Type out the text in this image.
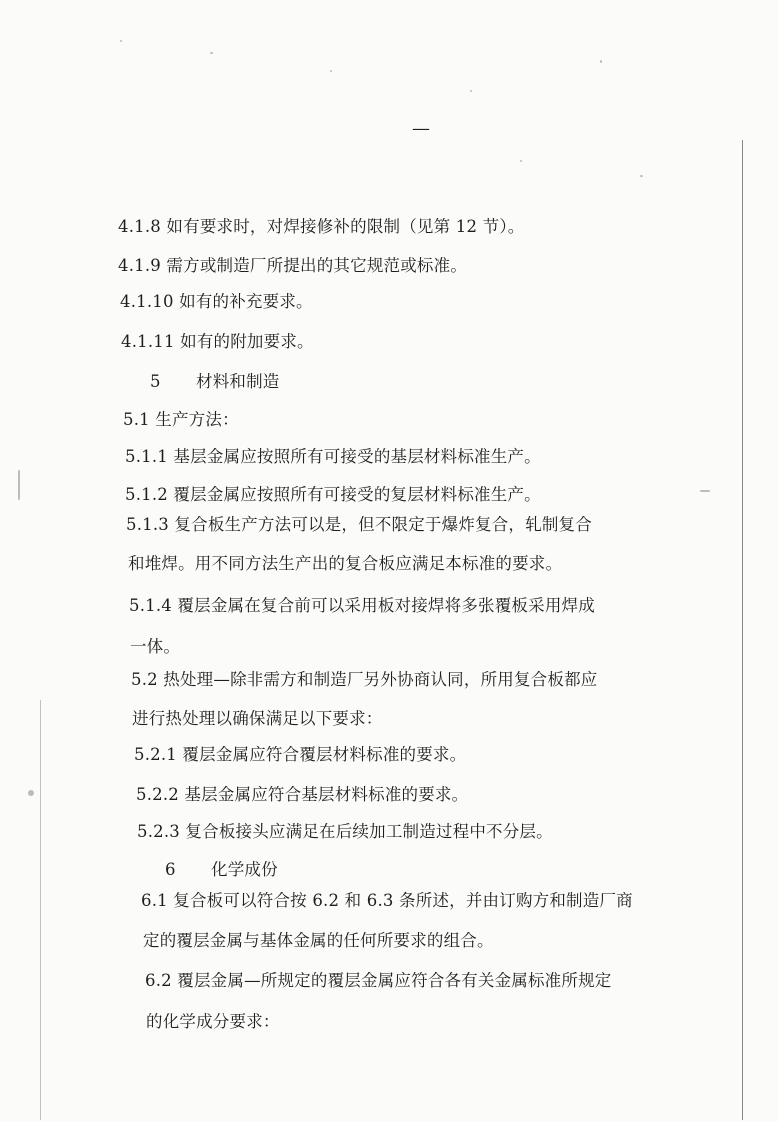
—
4.1.8 如有要求时，对焊接修补的限制（见第 12 节）。
4.1.9 需方或制造厂所提出的其它规范或标准。
4.1.10 如有的补充要求。
4.1.11 如有的附加要求。
5 材料和制造
5.1 生产方法：
5.1.1 基层金属应按照所有可接受的基层材料标准生产。
5.1.2 覆层金属应按照所有可接受的复层材料标准生产。
5.1.3 复合板生产方法可以是，但不限定于爆炸复合，轧制复合
和堆焊。用不同方法生产出的复合板应满足本标准的要求。
5.1.4 覆层金属在复合前可以采用板对接焊将多张覆板采用焊成
一体。
5.2 热处理—除非需方和制造厂另外协商认同，所用复合板都应
进行热处理以确保满足以下要求：
5.2.1 覆层金属应符合覆层材料标准的要求。
5.2.2 基层金属应符合基层材料标准的要求。
5.2.3 复合板接头应满足在后续加工制造过程中不分层。
6 化学成份
6.1 复合板可以符合按 6.2 和 6.3 条所述，并由订购方和制造厂商
定的覆层金属与基体金属的任何所要求的组合。
6.2 覆层金属—所规定的覆层金属应符合各有关金属标准所规定
的化学成分要求：
